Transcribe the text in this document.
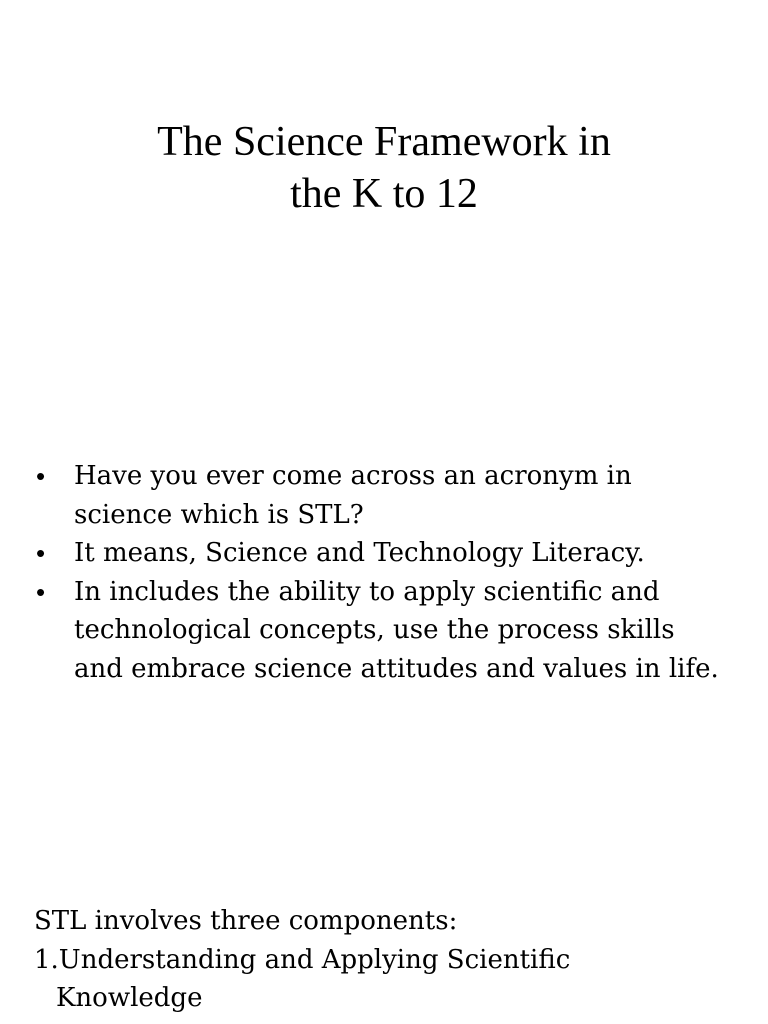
The Science Framework in
the K to 12
• Have you ever come across an acronym in
science which is STL?
• It means, Science and Technology Literacy.
• In includes the ability to apply scientific and
technological concepts, use the process skills
and embrace science attitudes and values in life.
STL involves three components:
1.Understanding and Applying Scientific
Knowledge
